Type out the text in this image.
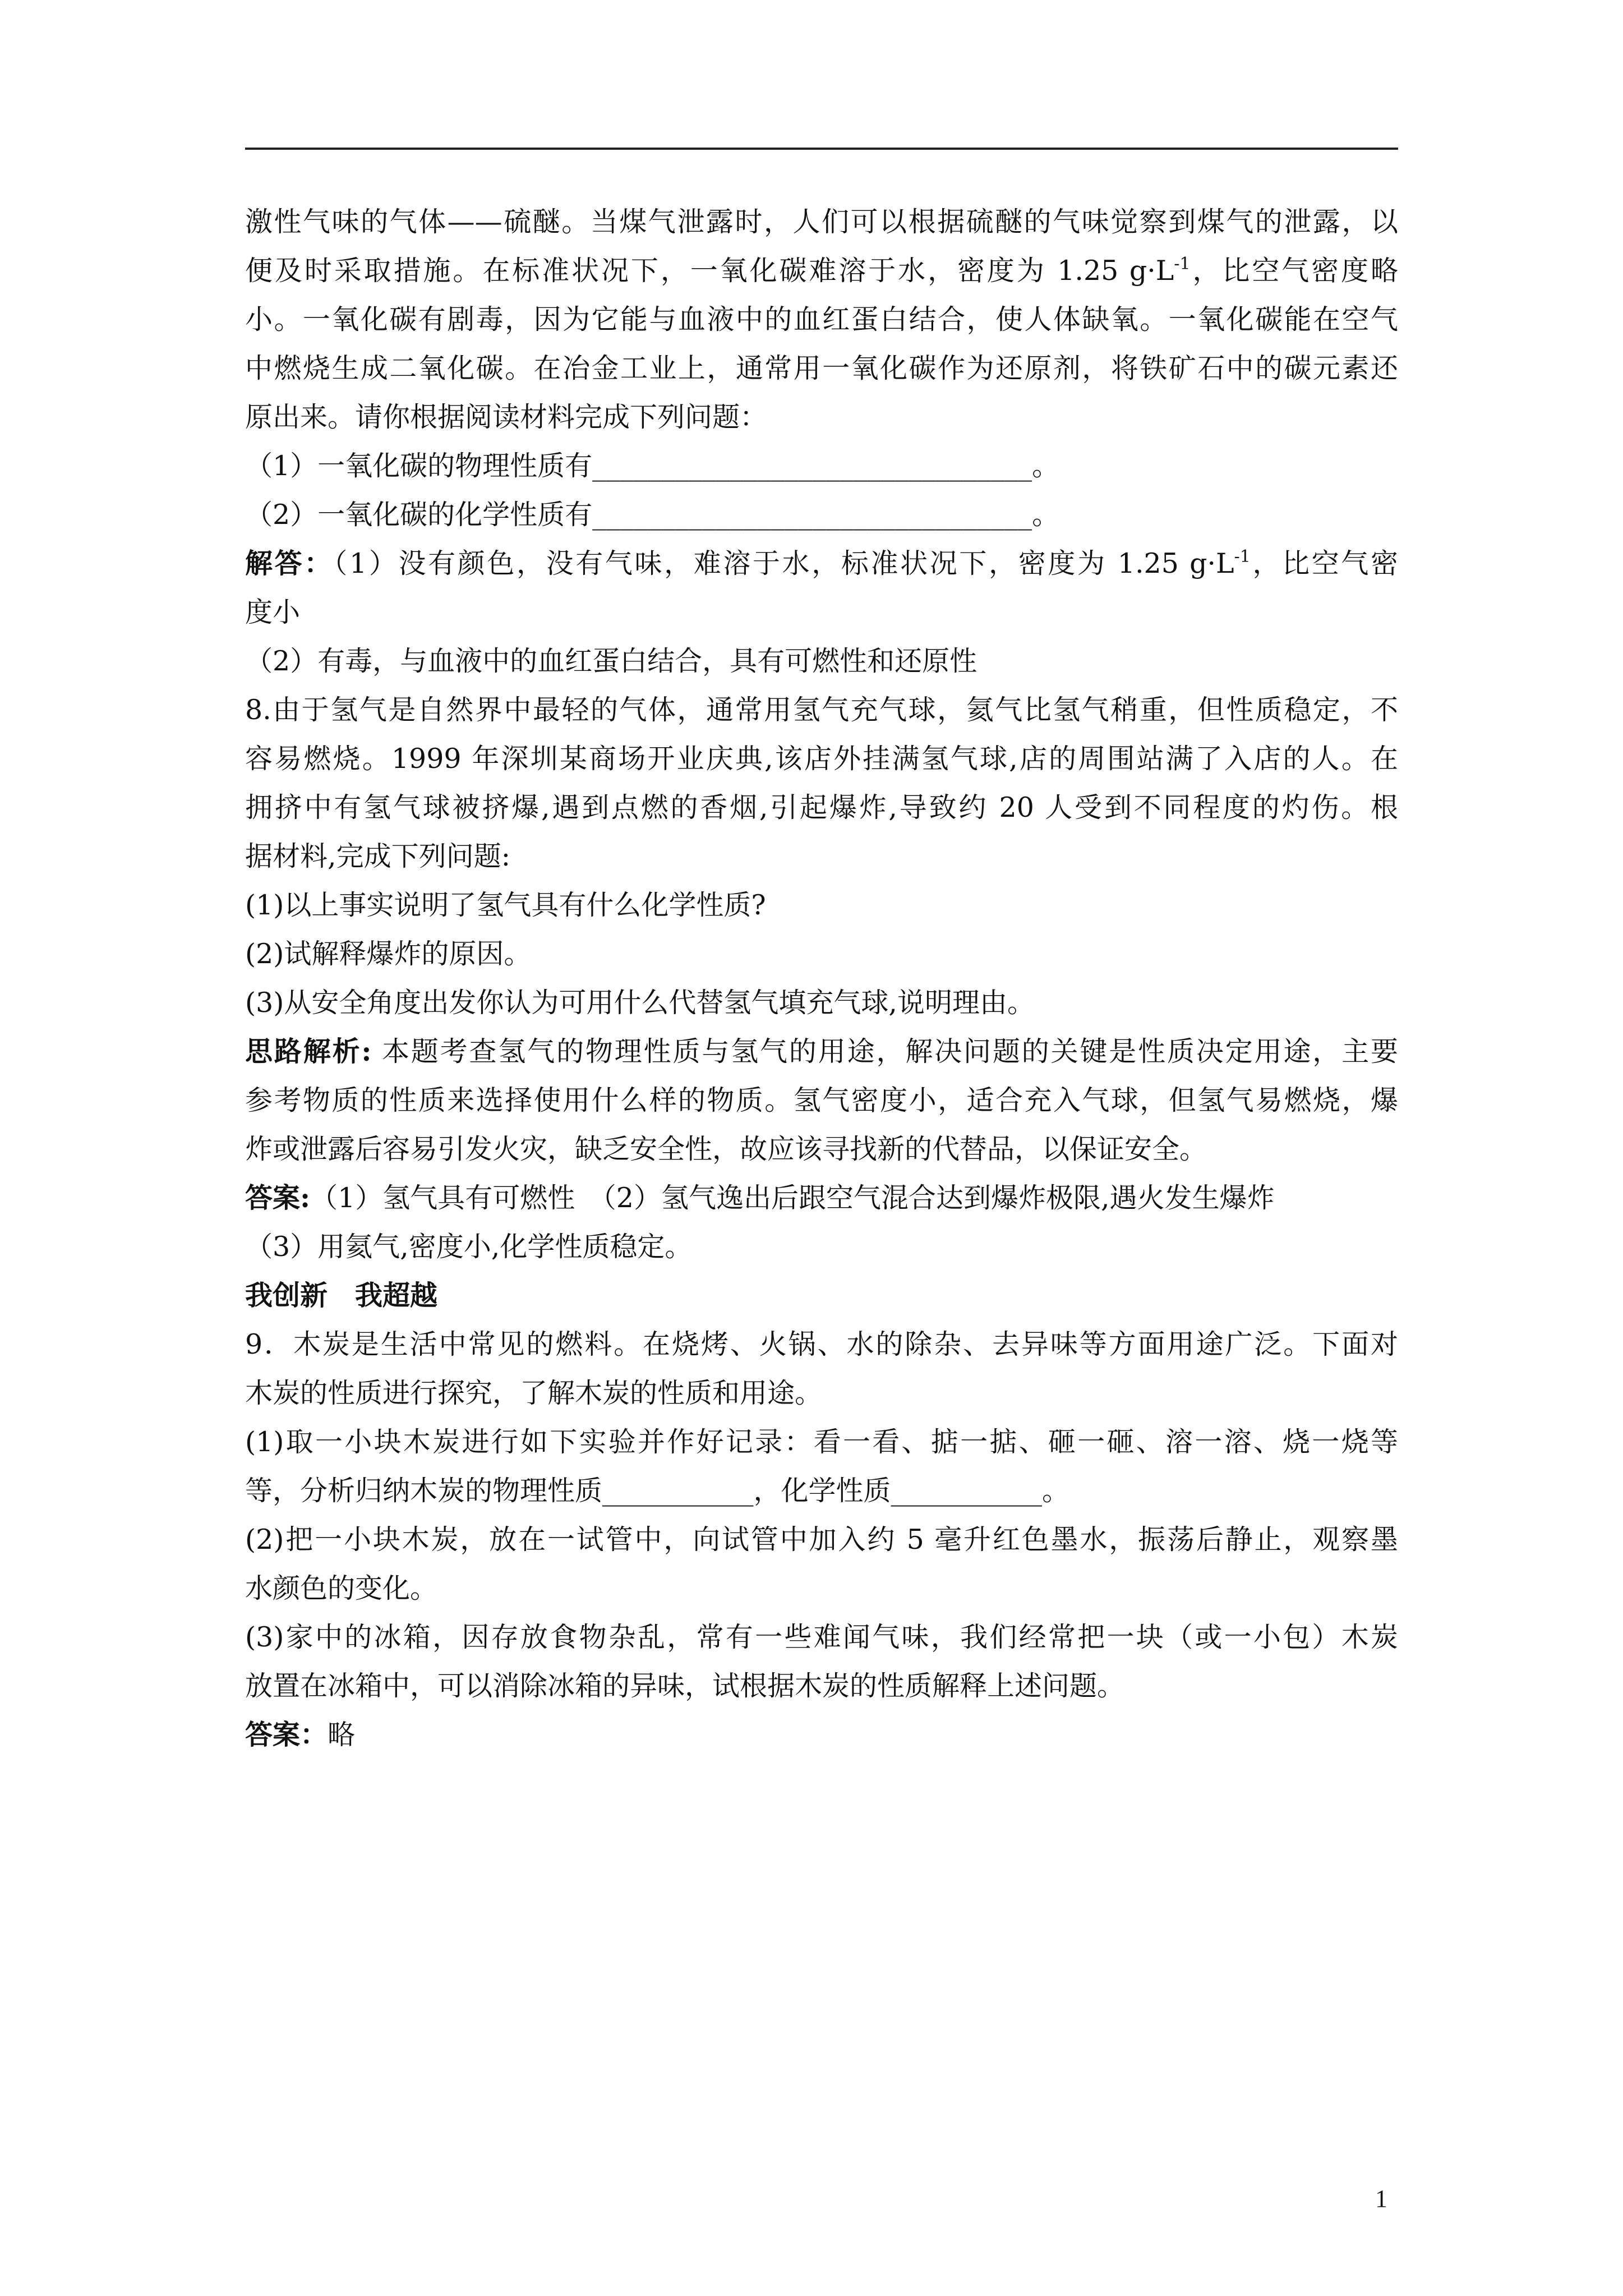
激性气味的气体——硫醚。当煤气泄露时，人们可以根据硫醚的气味觉察到煤气的泄露，以
便及时采取措施。在标准状况下，一氧化碳难溶于水，密度为 1.25 $g\cdot L^{-1}$，比空气密度略
小。一氧化碳有剧毒，因为它能与血液中的血红蛋白结合，使人体缺氧。一氧化碳能在空气
中燃烧生成二氧化碳。在冶金工业上，通常用一氧化碳作为还原剂，将铁矿石中的碳元素还
原出来。请你根据阅读材料完成下列问题：
（1）一氧化碳的物理性质有________________________________。
（2）一氧化碳的化学性质有________________________________。
解答：（1）没有颜色，没有气味，难溶于水，标准状况下，密度为 1.25 $g\cdot L^{-1}$，比空气密
度小
（2）有毒，与血液中的血红蛋白结合，具有可燃性和还原性
8.由于氢气是自然界中最轻的气体，通常用氢气充气球，氦气比氢气稍重，但性质稳定，不
容易燃烧。1999 年深圳某商场开业庆典,该店外挂满氢气球,店的周围站满了入店的人。在
拥挤中有氢气球被挤爆,遇到点燃的香烟,引起爆炸,导致约 20 人受到不同程度的灼伤。根
据材料,完成下列问题:
(1)以上事实说明了氢气具有什么化学性质?
(2)试解释爆炸的原因。
(3)从安全角度出发你认为可用什么代替氢气填充气球,说明理由。
思路解析: 本题考查氢气的物理性质与氢气的用途，解决问题的关键是性质决定用途，主要
参考物质的性质来选择使用什么样的物质。氢气密度小，适合充入气球，但氢气易燃烧，爆
炸或泄露后容易引发火灾，缺乏安全性，故应该寻找新的代替品，以保证安全。
答案:（1）氢气具有可燃性　（2）氢气逸出后跟空气混合达到爆炸极限,遇火发生爆炸
（3）用氦气,密度小,化学性质稳定。
我创新　我超越
9．木炭是生活中常见的燃料。在烧烤、火锅、水的除杂、去异味等方面用途广泛。下面对
木炭的性质进行探究，了解木炭的性质和用途。
(1)取一小块木炭进行如下实验并作好记录：看一看、掂一掂、砸一砸、溶一溶、烧一烧等
等，分析归纳木炭的物理性质___________，化学性质___________。
(2)把一小块木炭，放在一试管中，向试管中加入约 5 毫升红色墨水，振荡后静止，观察墨
水颜色的变化。
(3)家中的冰箱，因存放食物杂乱，常有一些难闻气味，我们经常把一块（或一小包）木炭
放置在冰箱中，可以消除冰箱的异味，试根据木炭的性质解释上述问题。
答案：略
1
